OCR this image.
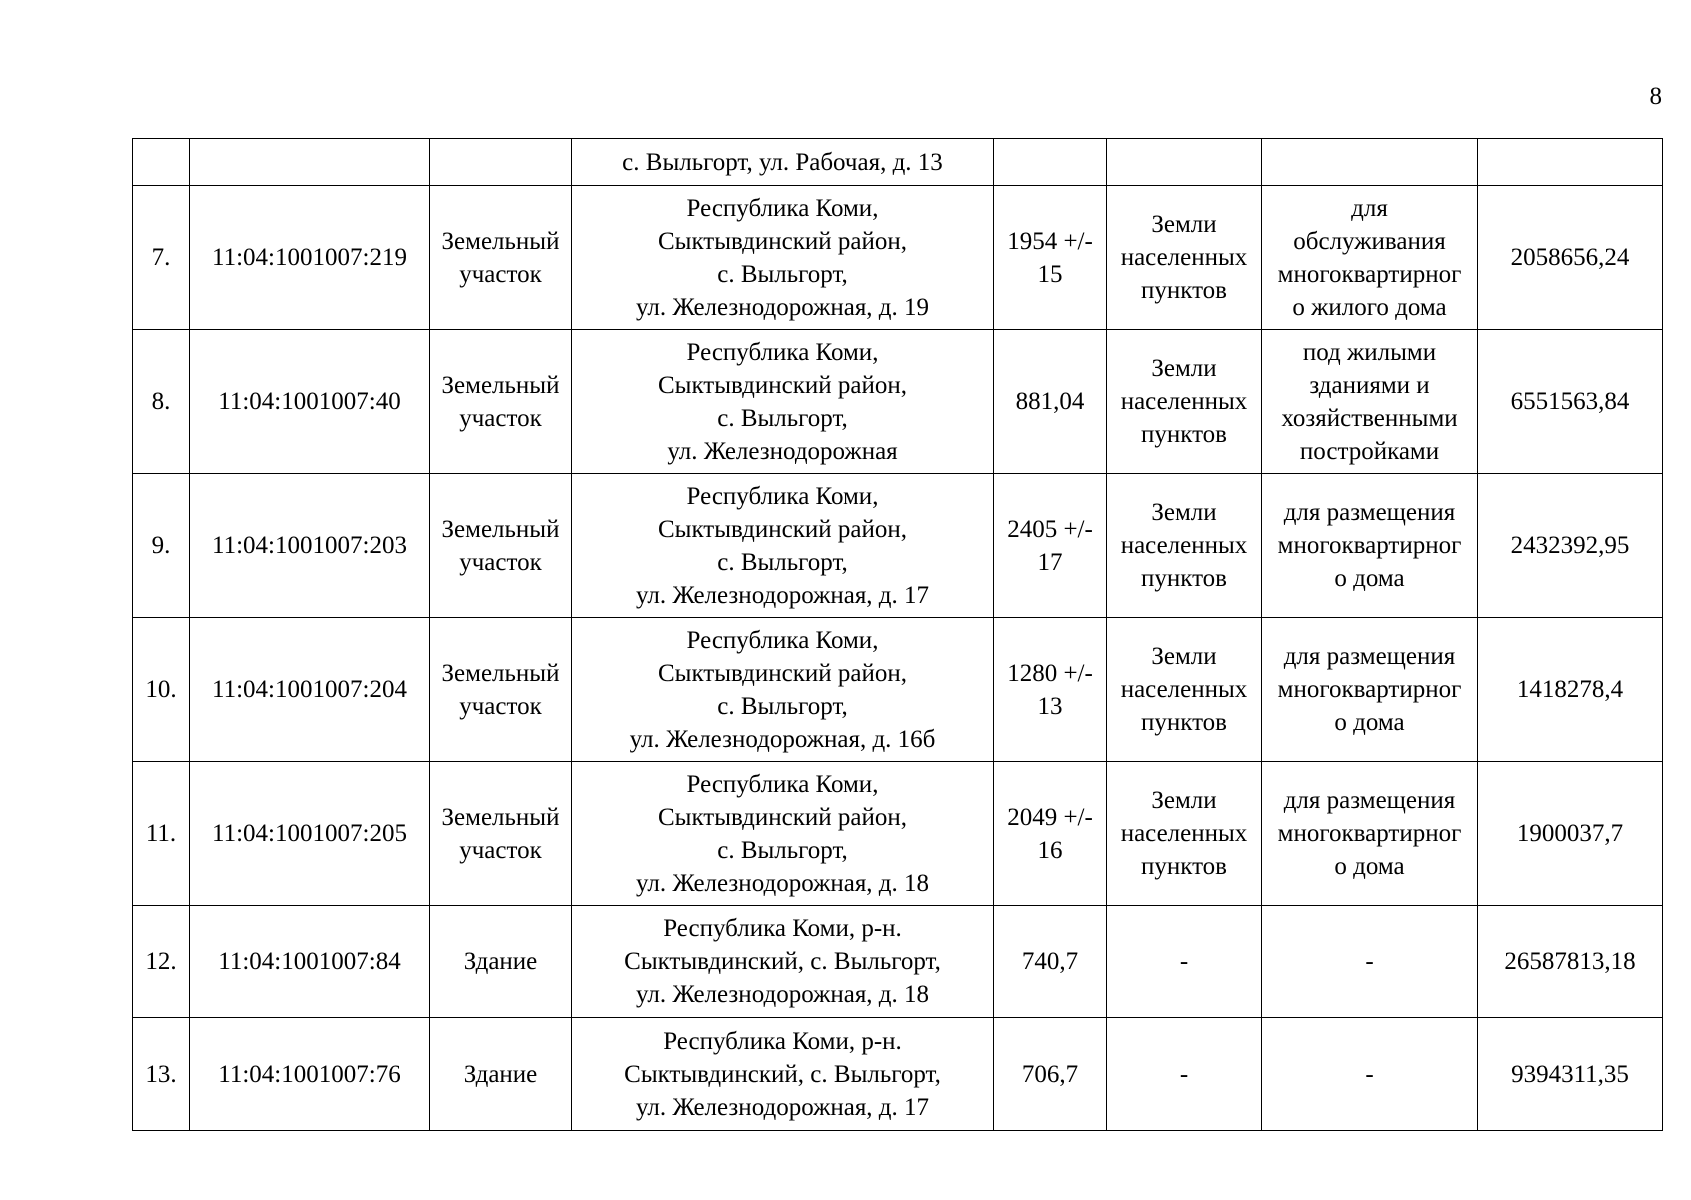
8
			с. Выльгорт, ул. Рабочая, д. 13				
7.	11:04:1001007:219	Земельный
участок	Республика Коми,
Сыктывдинский район,
с. Выльгорт,
ул. Железнодорожная, д. 19	1954 +/-
15	Земли
населенных
пунктов	для
обслуживания
многоквартирног
о жилого дома	2058656,24
8.	11:04:1001007:40	Земельный
участок	Республика Коми,
Сыктывдинский район,
с. Выльгорт,
ул. Железнодорожная	881,04	Земли
населенных
пунктов	под жилыми
зданиями и
хозяйственными
постройками	6551563,84
9.	11:04:1001007:203	Земельный
участок	Республика Коми,
Сыктывдинский район,
с. Выльгорт,
ул. Железнодорожная, д. 17	2405 +/-
17	Земли
населенных
пунктов	для размещения
многоквартирног
о дома	2432392,95
10.	11:04:1001007:204	Земельный
участок	Республика Коми,
Сыктывдинский район,
с. Выльгорт,
ул. Железнодорожная, д. 16б	1280 +/-
13	Земли
населенных
пунктов	для размещения
многоквартирног
о дома	1418278,4
11.	11:04:1001007:205	Земельный
участок	Республика Коми,
Сыктывдинский район,
с. Выльгорт,
ул. Железнодорожная, д. 18	2049 +/-
16	Земли
населенных
пунктов	для размещения
многоквартирног
о дома	1900037,7
12.	11:04:1001007:84	Здание	Республика Коми, р-н.
Сыктывдинский, с. Выльгорт,
ул. Железнодорожная, д. 18	740,7	-	-	26587813,18
13.	11:04:1001007:76	Здание	Республика Коми, р-н.
Сыктывдинский, с. Выльгорт,
ул. Железнодорожная, д. 17	706,7	-	-	9394311,35
